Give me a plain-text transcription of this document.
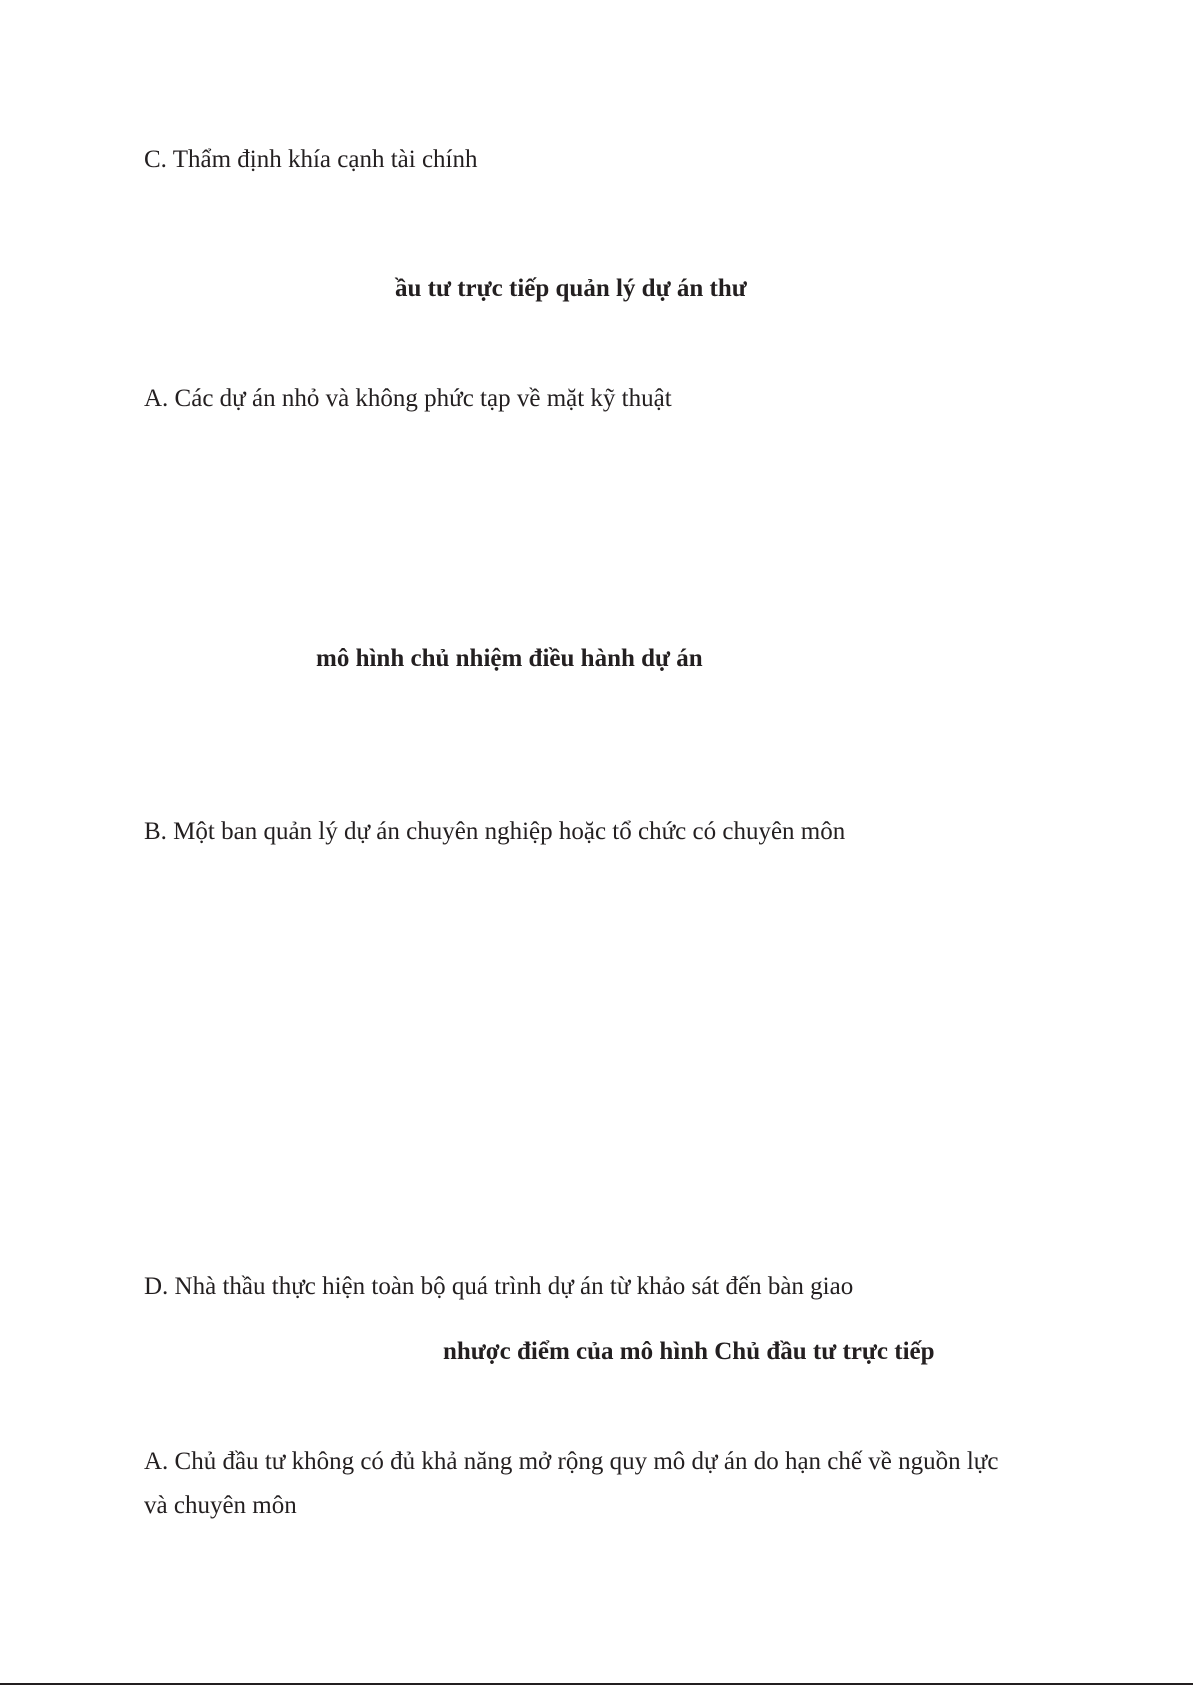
C. Thẩm định khía cạnh tài chính
ầu tư trực tiếp quản lý dự án thư
A. Các dự án nhỏ và không phức tạp về mặt kỹ thuật
mô hình chủ nhiệm điều hành dự án
B. Một ban quản lý dự án chuyên nghiệp hoặc tổ chức có chuyên môn
D. Nhà thầu thực hiện toàn bộ quá trình dự án từ khảo sát đến bàn giao
nhược điểm của mô hình Chủ đầu tư trực tiếp
A. Chủ đầu tư không có đủ khả năng mở rộng quy mô dự án do hạn chế về nguồn lực
và chuyên môn
